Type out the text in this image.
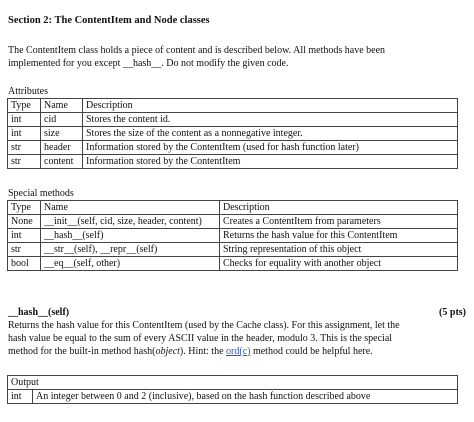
Section 2: The ContentItem and Node classes
The ContentItem class holds a piece of content and is described below. All methods have been
implemented for you except __hash__. Do not modify the given code.
Attributes
Type	Name	Description
int	cid	Stores the content id.
int	size	Stores the size of the content as a nonnegative integer.
str	header	Information stored by the ContentItem (used for hash function later)
str	content	Information stored by the ContentItem
Special methods
Type	Name	Description
None	__init__(self, cid, size, header, content)	Creates a ContentItem from parameters
int	__hash__(self)	Returns the hash value for this ContentItem
str	__str__(self), __repr__(self)	String representation of this object
bool	__eq__(self, other)	Checks for equality with another object
__hash__(self)	(5 pts)
Returns the hash value for this ContentItem (used by the Cache class). For this assignment, let the
hash value be equal to the sum of every ASCII value in the header, modulo 3. This is the special
method for the built-in method hash(object). Hint: the ord(c) method could be helpful here.
Output
int	An integer between 0 and 2 (inclusive), based on the hash function described above
